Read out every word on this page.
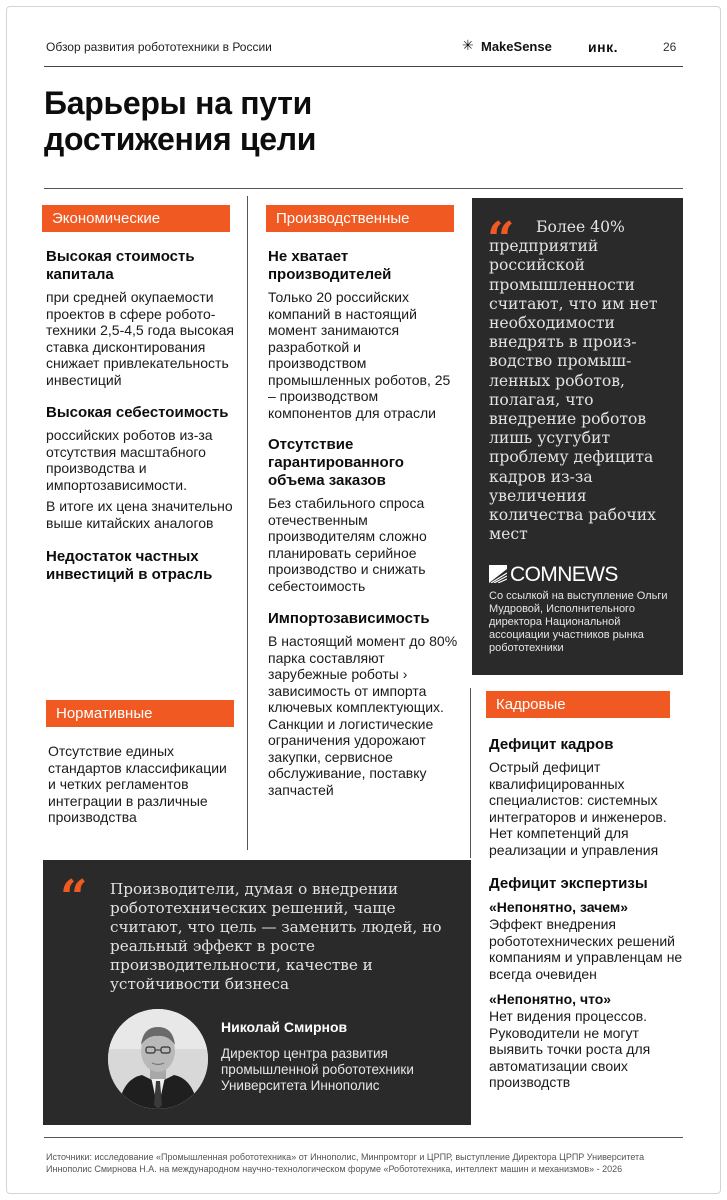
Обзор развития робототехники в России	✳ MakeSense	инк.	26
Барьеры на пути достижения цели
Экономические	Производственные
Нормативные
Кадровые
Высокая стоимость капитала
при средней окупаемости проектов в сфере робототехники 2,5-4,5 года высокая ставка дисконтирования снижает привлекательность инвестиций
Высокая себестоимость
российских роботов из-за отсутствия масштабного производства и импортозависимости.
В итоге их цена значительно выше китайских аналогов
Недостаток частных инвестиций в отрасль
Отсутствие единых стандартов классификации и четких регламентов интеграции в различные производства
Не хватает производителей
Только 20 российских компаний в настоящий момент занимаются разработкой и производством промышленных роботов, 25 – производством компонентов для отрасли
Отсутствие гарантированного объема заказов
Без стабильного спроса отечественным производителям сложно планировать серийное производство и снижать себестоимость
Импортозависимость
В настоящий момент до 80% парка составляют зарубежные роботы › зависимость от импорта ключевых комплектующих. Санкции и логистические ограничения удорожают закупки, сервисное обслуживание, поставку запчастей
“	Более 40% предприятий российской промышленности считают, что им нет необходимости внедрять в производство промышленных роботов, полагая, что внедрение роботов лишь усугубит проблему дефицита кадров из-за увеличения количества рабочих мест
COMNEWS
Со ссылкой на выступление Ольги Мудровой, Исполнительного директора Национальной ассоциации участников рынка робототехники
Дефицит кадров
Острый дефицит квалифицированных специалистов: системных интеграторов и инженеров. Нет компетенций для реализации и управления
Дефицит экспертизы
«Непонятно, зачем»
Эффект внедрения робототехнических решений компаниям и управленцам не всегда очевиден
«Непонятно, что»
Нет видения процессов. Руководители не могут выявить точки роста для автоматизации своих производств
“ Производители, думая о внедрении робототехнических решений, чаще считают, что цель — заменить людей, но реальный эффект в росте производительности, качестве и устойчивости бизнеса
Николай Смирнов
Директор центра развития промышленной робототехники Университета Иннополис
Источники: исследование «Промышленная робототехника» от Иннополис, Минпромторг и ЦРПР, выступление Директора ЦРПР Университета Иннополис Смирнова Н.А. на международном научно-технологическом форуме «Робототехника, интеллект машин и механизмов» - 2026
